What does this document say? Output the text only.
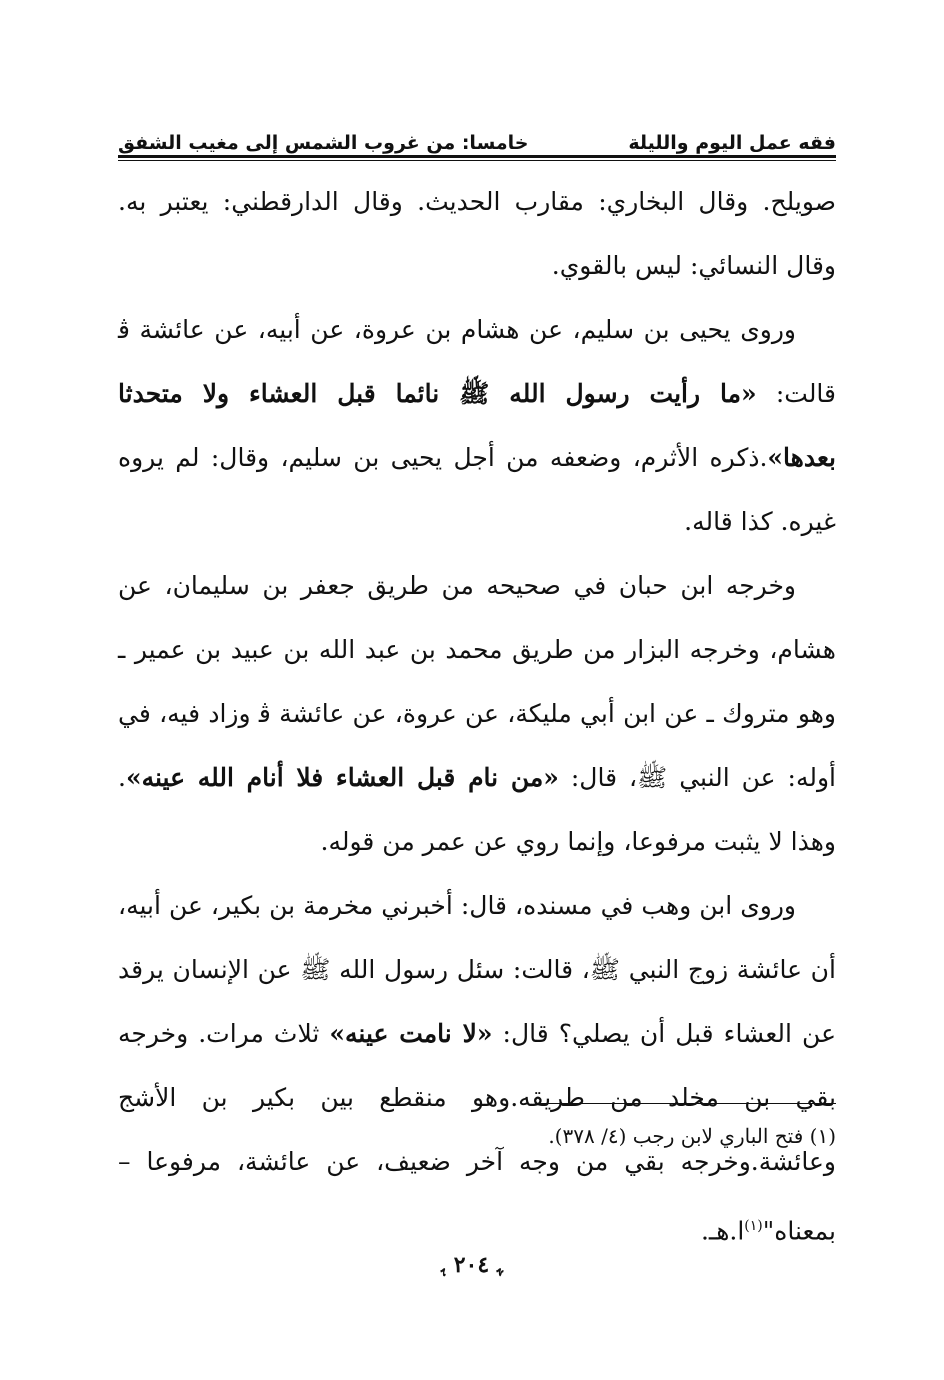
فقه عمل اليوم والليلة
خامسا: من غروب الشمس إلى مغيب الشفق

صويلح. وقال البخاري: مقارب الحديث. وقال الدارقطني: يعتبر به. وقال النسائي: ليس بالقوي.

وروى يحيى بن سليم، عن هشام بن عروة، عن أبيه، عن عائشة ﭬ قالت: «ما رأيت رسول الله ﷺ نائما قبل العشاء ولا متحدثا بعدها».ذكره الأثرم، وضعفه من أجل يحيى بن سليم، وقال: لم يروه غيره. كذا قاله.

وخرجه ابن حبان في صحيحه من طريق جعفر بن سليمان، عن هشام، وخرجه البزار من طريق محمد بن عبد الله بن عبيد بن عمير ـ وهو متروك ـ عن ابن أبي مليكة، عن عروة، عن عائشة ﭬ وزاد فيه، في أوله: عن النبي ﷺ، قال: «من نام قبل العشاء فلا أنام الله عينه». وهذا لا يثبت مرفوعا، وإنما روي عن عمر من قوله.

وروى ابن وهب في مسنده، قال: أخبرني مخرمة بن بكير، عن أبيه، أن عائشة زوج النبي ﷺ، قالت: سئل رسول الله ﷺ عن الإنسان يرقد عن العشاء قبل أن يصلي؟ قال: «لا نامت عينه» ثلاث مرات. وخرجه بقي بن مخلد من طريقه.وهو منقطع بين بكير بن الأشج وعائشة.وخرجه بقي من وجه آخر ضعيف، عن عائشة، مرفوعا – بمعناه"$^{(١)}$ا.هـ.

(١) فتح الباري لابن رجب (٤/ ٣٧٨).
ﮩ ٢٠٤ ﮨ
